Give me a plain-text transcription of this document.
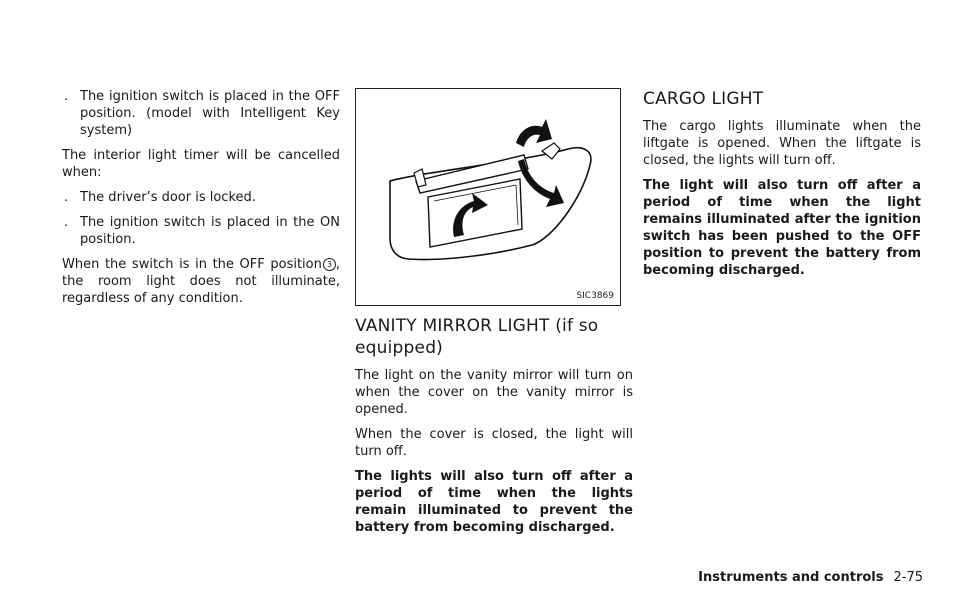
. The ignition switch is placed in the OFF position. (model with Intelligent Key system)

The interior light timer will be cancelled when:

. The driver’s door is locked.
. The ignition switch is placed in the ON position.

When the switch is in the OFF position 3 , the room light does not illuminate, regardless of any condition.	SIC3869
VANITY MIRROR LIGHT (if so equipped)

The light on the vanity mirror will turn on when the cover on the vanity mirror is opened.

When the cover is closed, the light will turn off.

The lights will also turn off after a period of time when the lights remain illuminated to prevent the battery from becoming discharged.

CARGO LIGHT

The cargo lights illuminate when the liftgate is opened. When the liftgate is closed, the lights will turn off.

The light will also turn off after a period of time when the light remains illuminated after the ignition switch has been pushed to the OFF position to prevent the battery from becoming discharged.

Instruments and controls 2-75
